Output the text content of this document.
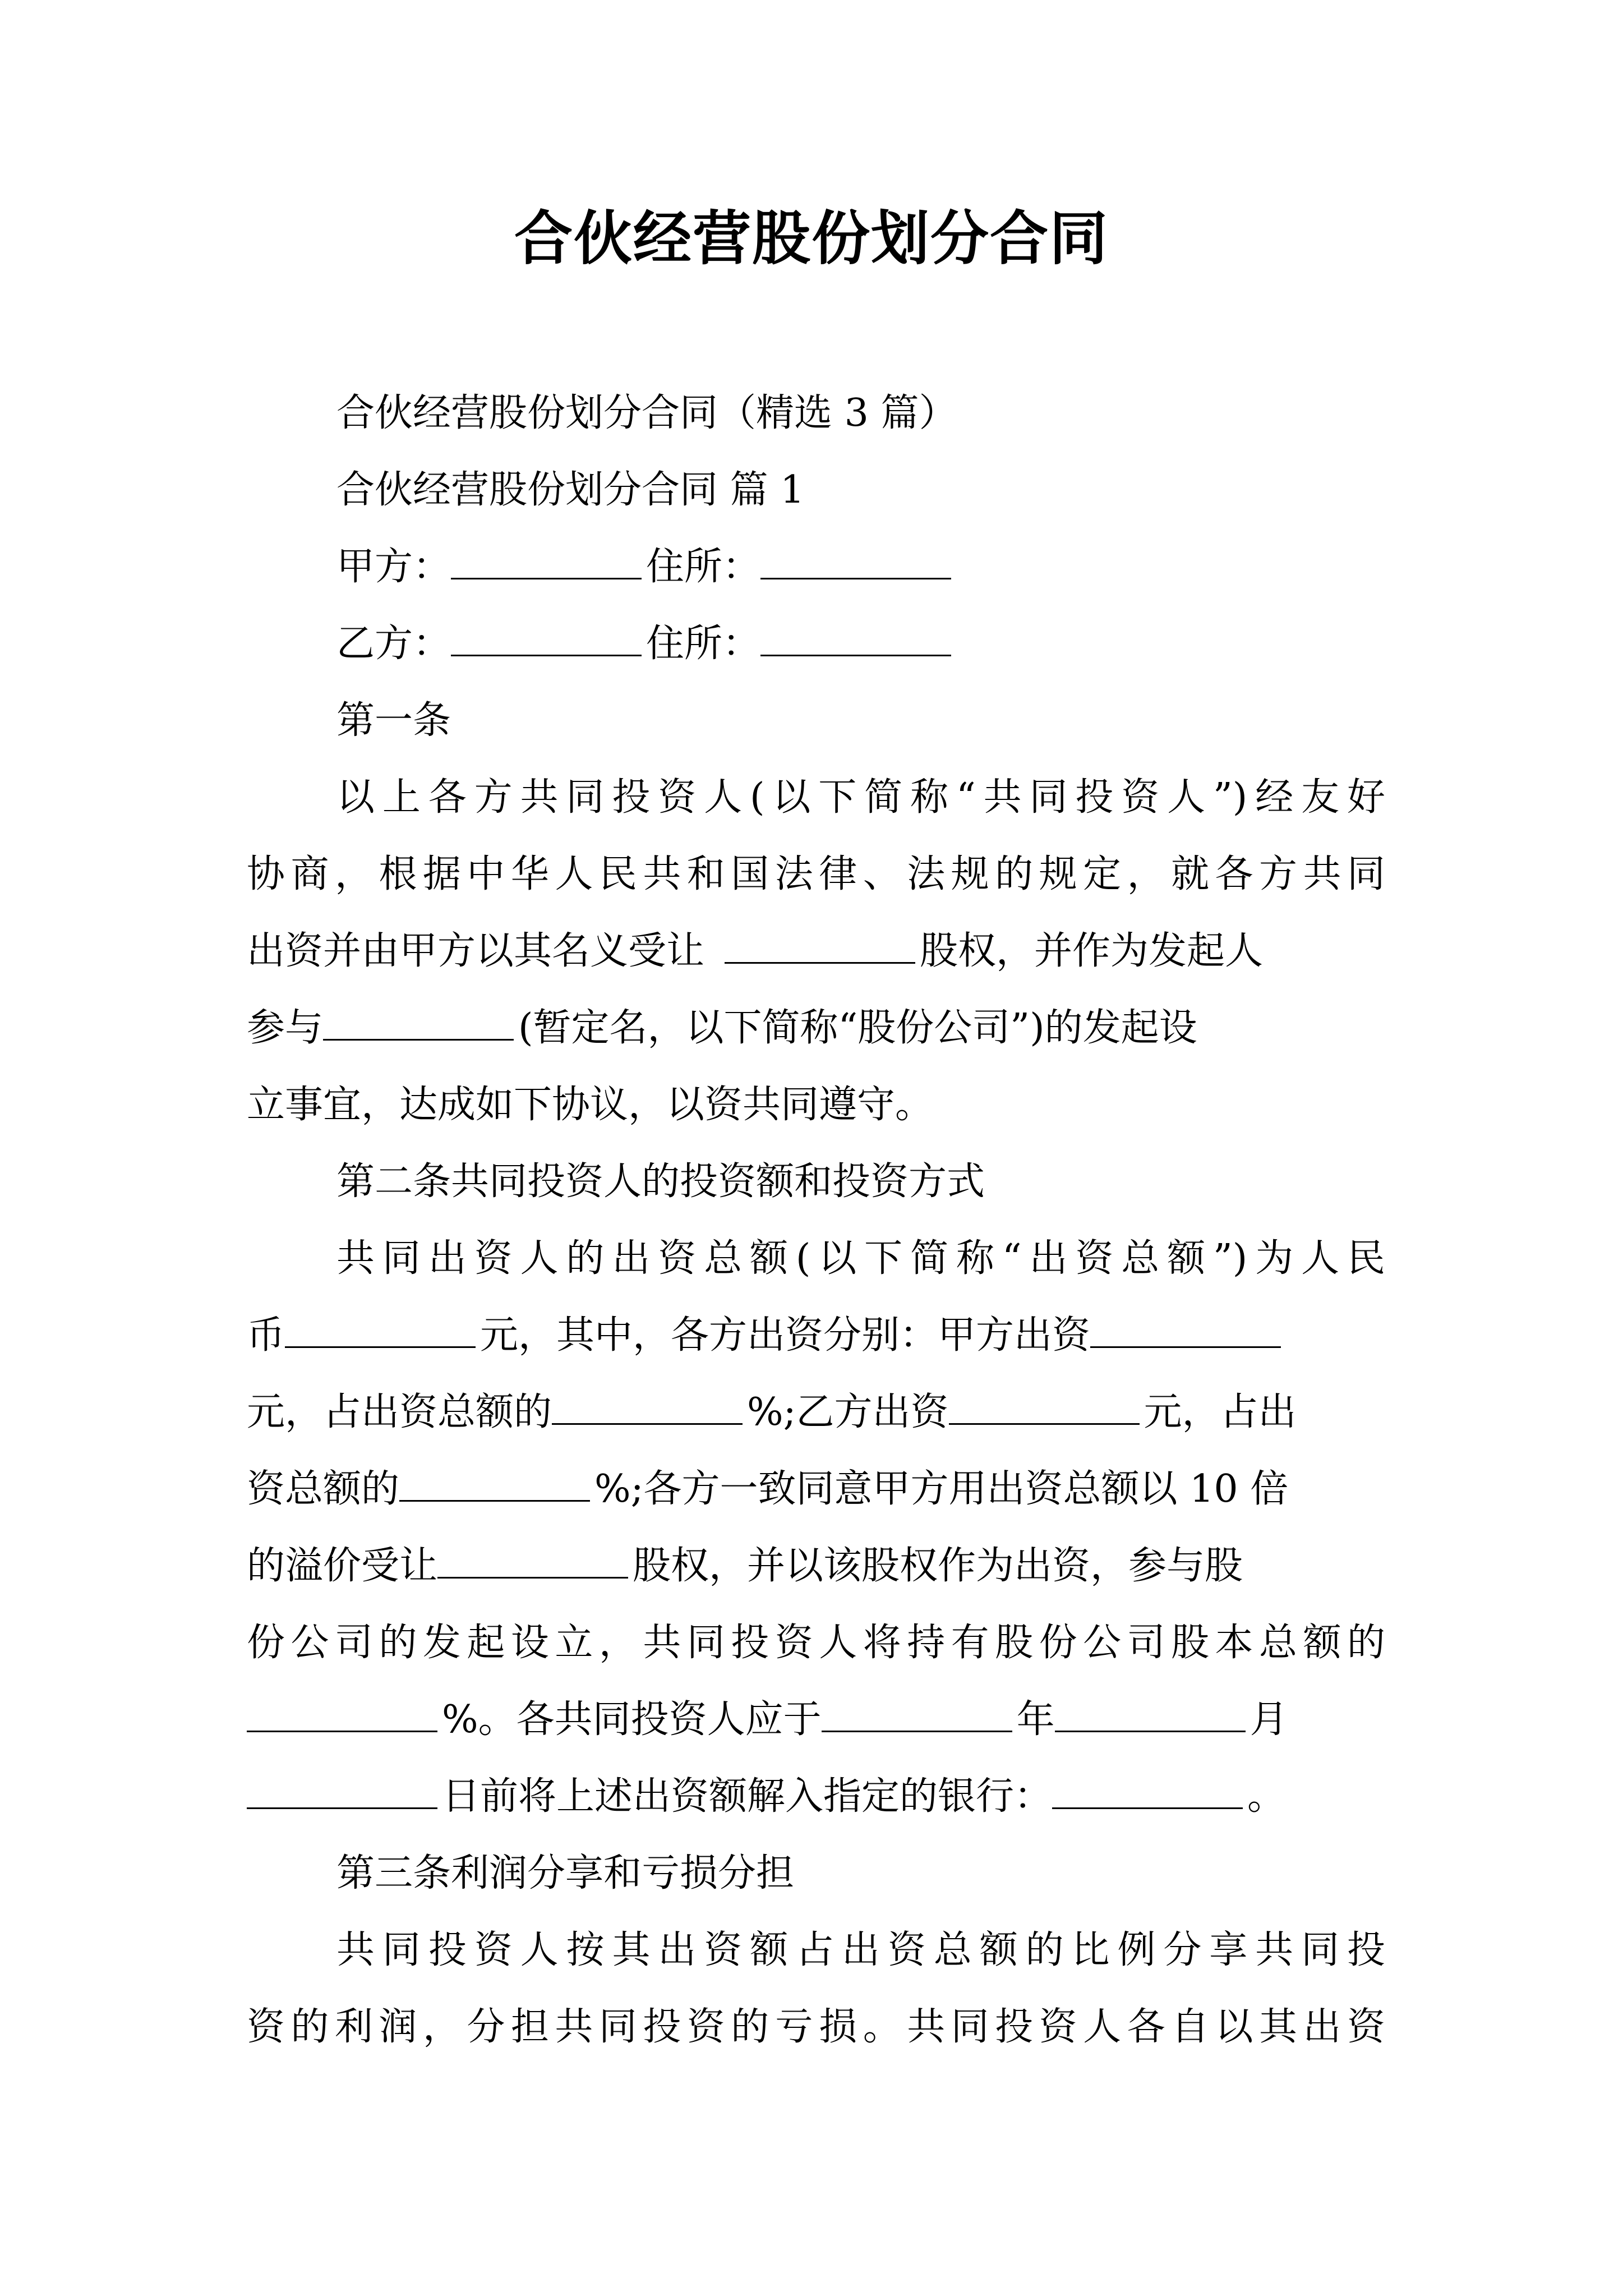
合伙经营股份划分合同
合伙经营股份划分合同（精选 3 篇）
合伙经营股份划分合同 篇 1
甲方：	住所：
乙方：	住所：
第一条
以上各方共同投资人(以下简称“共同投资人”)经友好
协商，根据中华人民共和国法律、法规的规定，就各方共同
出资并由甲方以其名义受让	股权，并作为发起人
参与	(暂定名，以下简称“股份公司”)的发起设
立事宜，达成如下协议，以资共同遵守。
第二条共同投资人的投资额和投资方式
共同出资人的出资总额(以下简称“出资总额”)为人民
币	元，其中，各方出资分别：甲方出资
元，占出资总额的	%;乙方出资	元，占出
资总额的	%;各方一致同意甲方用出资总额以 10 倍
的溢价受让	股权，并以该股权作为出资，参与股
份公司的发起设立，共同投资人将持有股份公司股本总额的
%。各共同投资人应于	年	月
日前将上述出资额解入指定的银行：	。
第三条利润分享和亏损分担
共同投资人按其出资额占出资总额的比例分享共同投
资的利润，分担共同投资的亏损。共同投资人各自以其出资
